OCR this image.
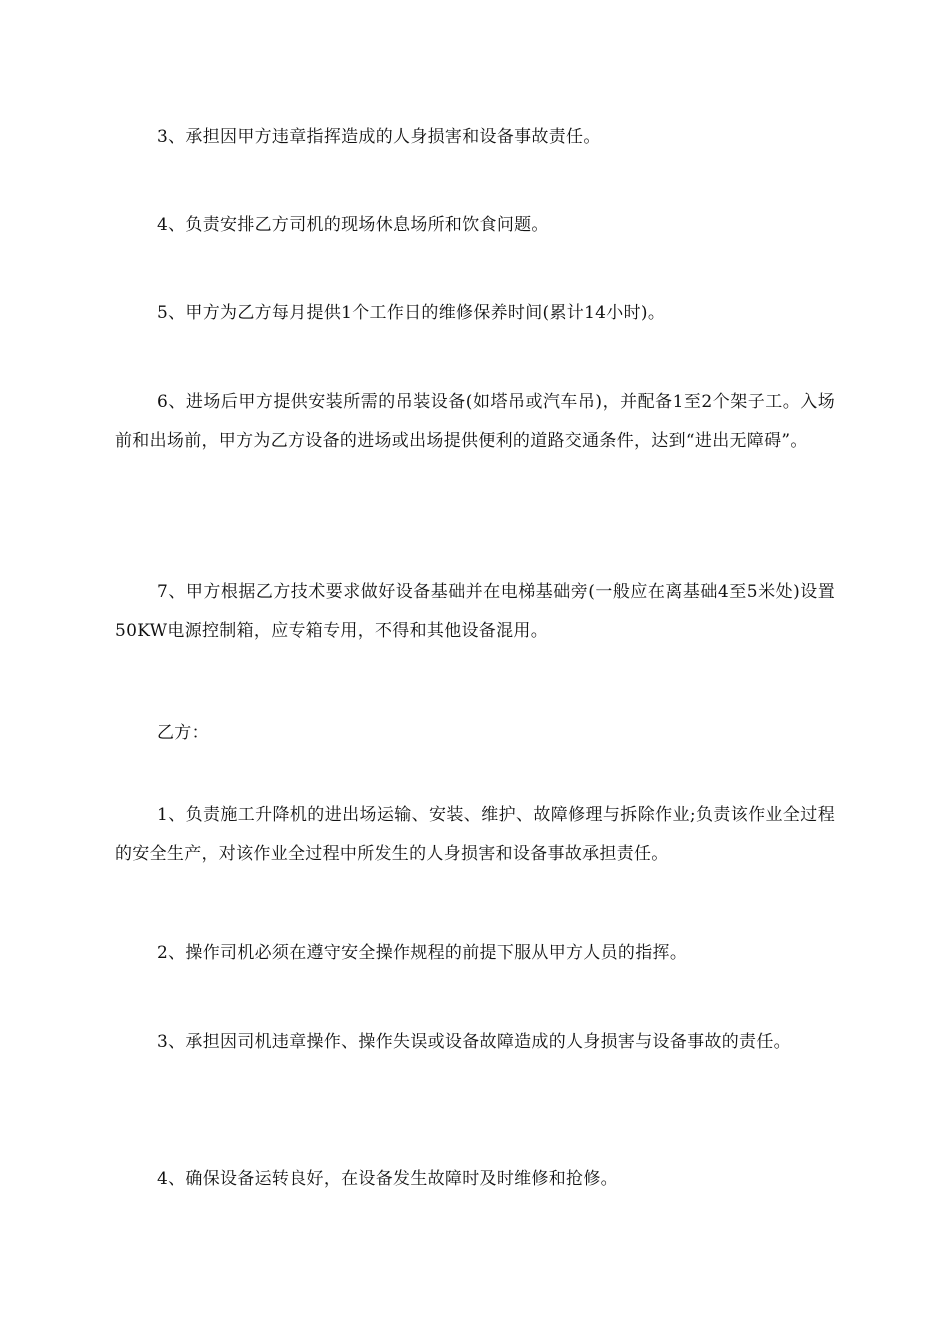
3、承担因甲方违章指挥造成的人身损害和设备事故责任。

4、负责安排乙方司机的现场休息场所和饮食问题。

5、甲方为乙方每月提供1个工作日的维修保养时间(累计14小时)。

6、进场后甲方提供安装所需的吊装设备(如塔吊或汽车吊)，并配备1至2个架子工。入场前和出场前，甲方为乙方设备的进场或出场提供便利的道路交通条件，达到“进出无障碍”。

7、甲方根据乙方技术要求做好设备基础并在电梯基础旁(一般应在离基础4至5米处)设置50KW电源控制箱，应专箱专用，不得和其他设备混用。

乙方：

1、负责施工升降机的进出场运输、安装、维护、故障修理与拆除作业;负责该作业全过程的安全生产，对该作业全过程中所发生的人身损害和设备事故承担责任。

2、操作司机必须在遵守安全操作规程的前提下服从甲方人员的指挥。

3、承担因司机违章操作、操作失误或设备故障造成的人身损害与设备事故的责任。

4、确保设备运转良好，在设备发生故障时及时维修和抢修。
